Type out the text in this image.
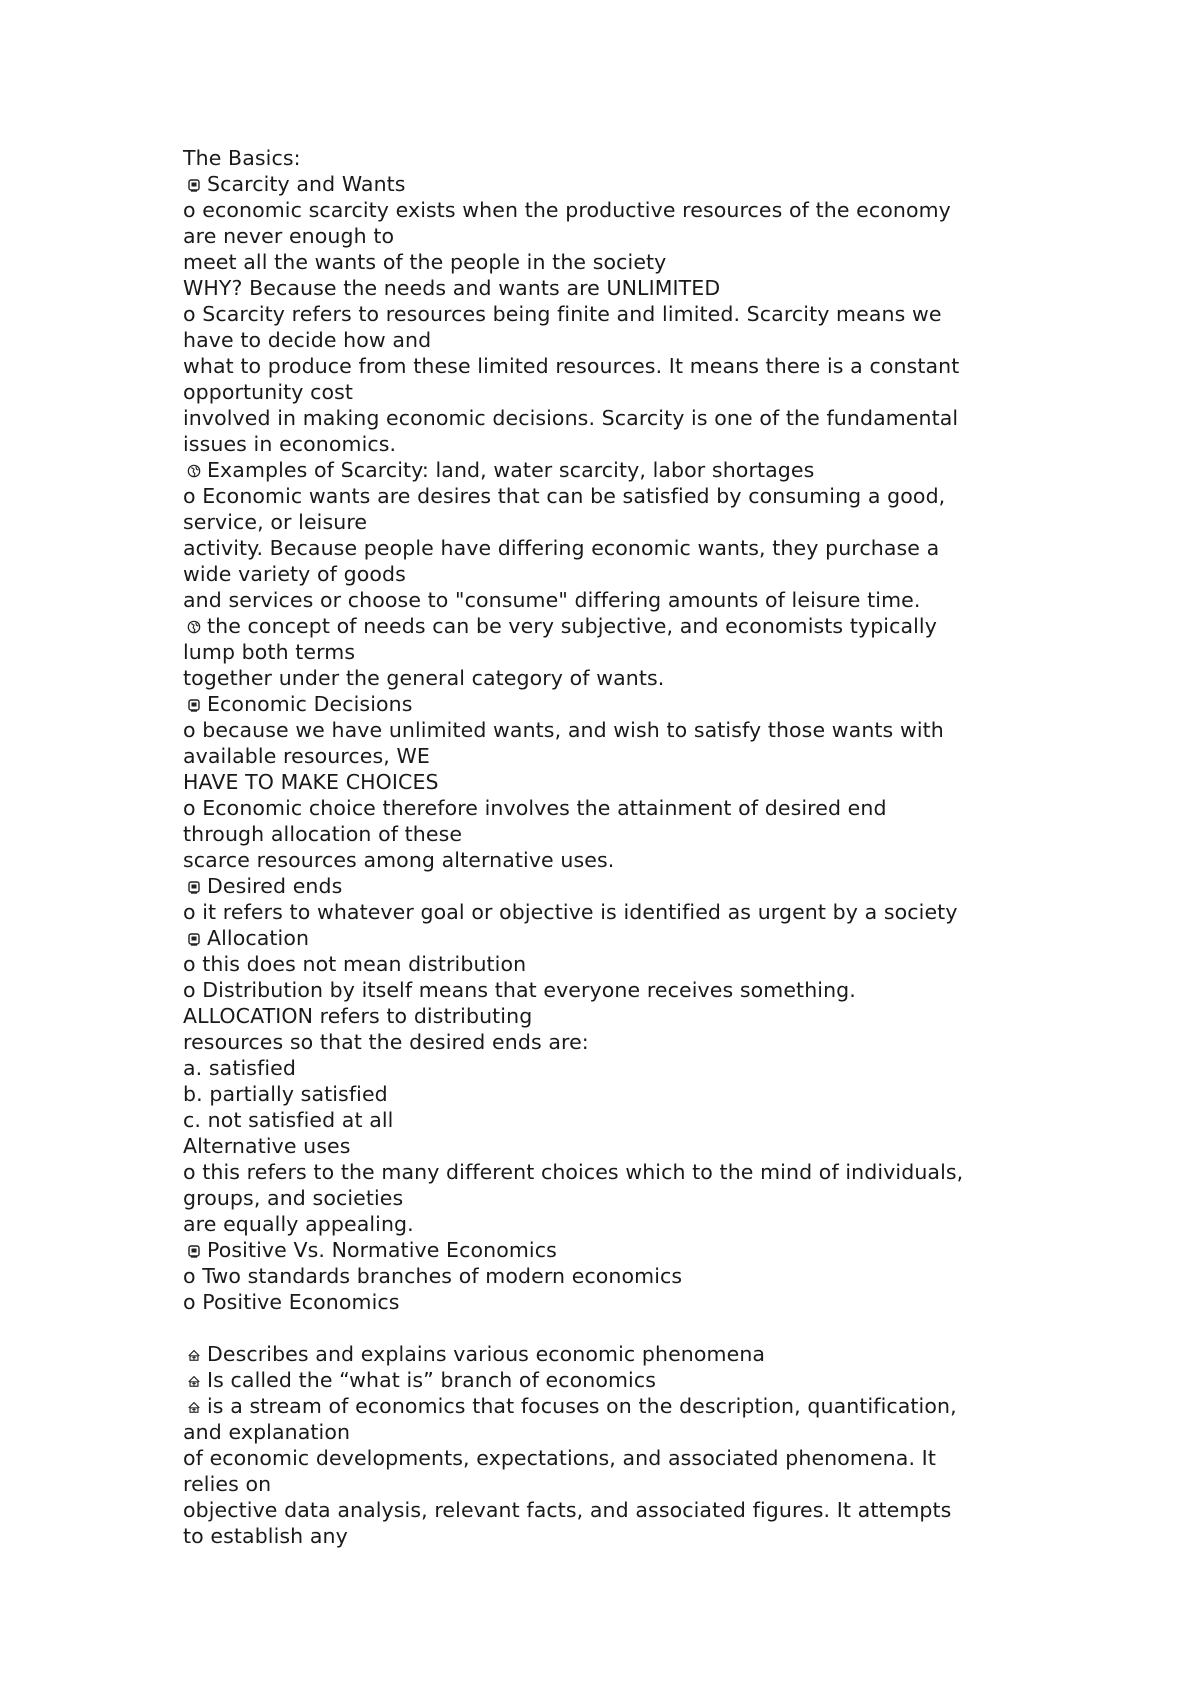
The Basics:
Scarcity and Wants
o economic scarcity exists when the productive resources of the economy
are never enough to
meet all the wants of the people in the society
WHY? Because the needs and wants are UNLIMITED
o Scarcity refers to resources being finite and limited. Scarcity means we
have to decide how and
what to produce from these limited resources. It means there is a constant
opportunity cost
involved in making economic decisions. Scarcity is one of the fundamental
issues in economics.
Examples of Scarcity: land, water scarcity, labor shortages
o Economic wants are desires that can be satisfied by consuming a good,
service, or leisure
activity. Because people have differing economic wants, they purchase a
wide variety of goods
and services or choose to "consume" differing amounts of leisure time.
the concept of needs can be very subjective, and economists typically
lump both terms
together under the general category of wants.
Economic Decisions
o because we have unlimited wants, and wish to satisfy those wants with
available resources, WE
HAVE TO MAKE CHOICES
o Economic choice therefore involves the attainment of desired end
through allocation of these
scarce resources among alternative uses.
Desired ends
o it refers to whatever goal or objective is identified as urgent by a society
Allocation
o this does not mean distribution
o Distribution by itself means that everyone receives something.
ALLOCATION refers to distributing
resources so that the desired ends are:
a. satisfied
b. partially satisfied
c. not satisfied at all
Alternative uses
o this refers to the many different choices which to the mind of individuals,
groups, and societies
are equally appealing.
Positive Vs. Normative Economics
o Two standards branches of modern economics
o Positive Economics
Describes and explains various economic phenomena
Is called the “what is” branch of economics
is a stream of economics that focuses on the description, quantification,
and explanation
of economic developments, expectations, and associated phenomena. It
relies on
objective data analysis, relevant facts, and associated figures. It attempts
to establish any
